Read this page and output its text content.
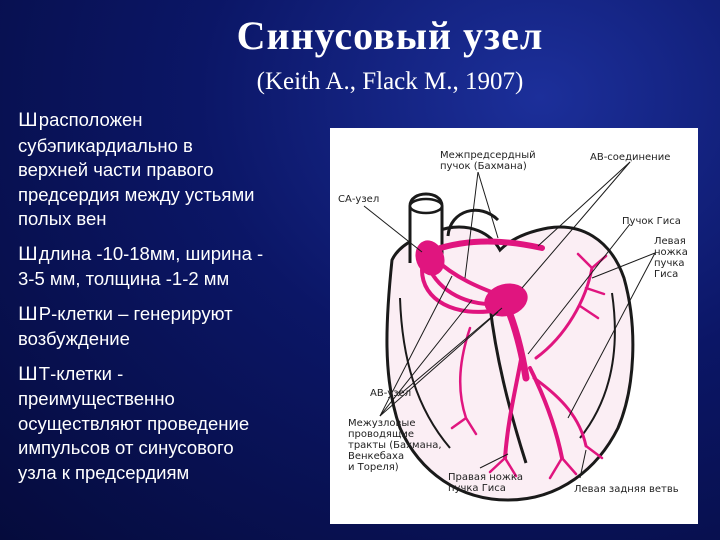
Синусовый узел
(Keith A., Flack M., 1907)
Шрасположен
субэпикардиально в
верхней части правого
предсердия между устьями
полых вен
Шдлина -10-18мм, ширина -
3-5 мм, толщина -1-2 мм
ШР-клетки – генерируют
возбуждение
ШТ-клетки -
преимущественно
осуществляют проведение
импульсов от синусового
узла к предсердиям
Межпредсердный
пучок (Бахмана)
АВ-соединение
СА-узел
Пучок Гиса
Левая
ножка
пучка
Гиса
АВ-узел
Межузловые
проводящие
тракты (Бахмана,
Венкебаха
и Тореля)
Правая ножка
пучка Гиса	Левая задняя ветвь
